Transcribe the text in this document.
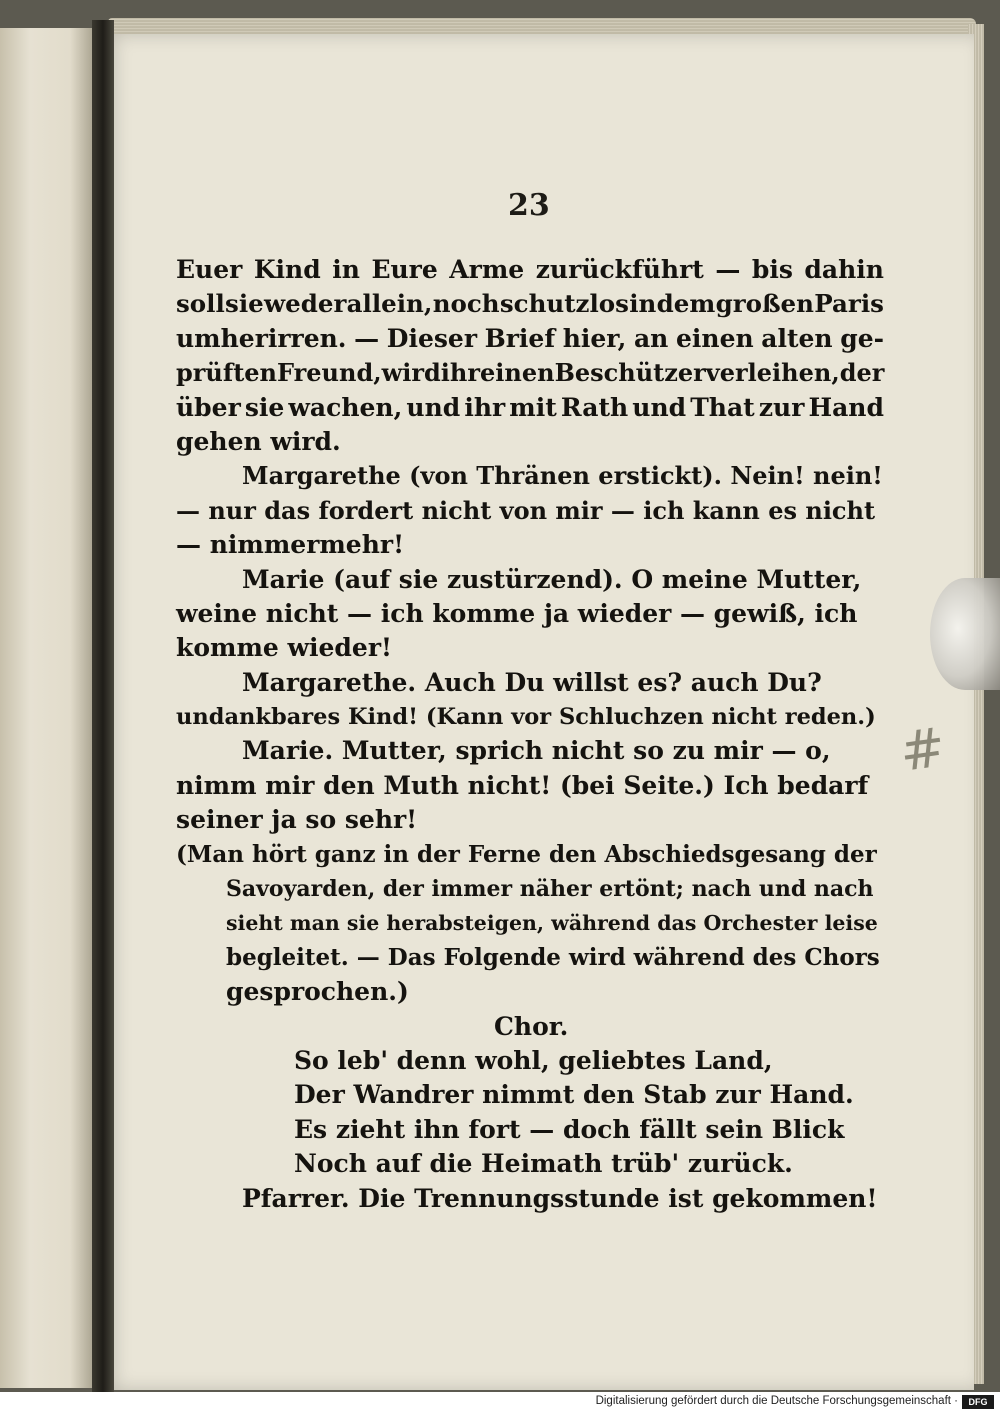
#
23
Euer Kind in Eure Arme zurückführt — bis dahin
soll sie weder allein, noch schutzlos in dem großen Paris
umherirren. — Dieser Brief hier, an einen alten ge-
prüften Freund, wird ihr einen Beschützer verleihen, der
über sie wachen, und ihr mit Rath und That zur Hand
gehen wird.
Margarethe (von Thränen erstickt). Nein! nein!
— nur das fordert nicht von mir — ich kann es nicht
— nimmermehr!
Marie (auf sie zustürzend). O meine Mutter,
weine nicht — ich komme ja wieder — gewiß, ich
komme wieder!
Margarethe. Auch Du willst es? auch Du?
undankbares Kind! (Kann vor Schluchzen nicht reden.)
Marie. Mutter, sprich nicht so zu mir — o,
nimm mir den Muth nicht! (bei Seite.) Ich bedarf
seiner ja so sehr!
(Man hört ganz in der Ferne den Abschiedsgesang der
Savoyarden, der immer näher ertönt; nach und nach
sieht man sie herabsteigen, während das Orchester leise
begleitet. — Das Folgende wird während des Chors
gesprochen.)
Chor.
So leb' denn wohl, geliebtes Land,
Der Wandrer nimmt den Stab zur Hand.
Es zieht ihn fort — doch fällt sein Blick
Noch auf die Heimath trüb' zurück.
Pfarrer. Die Trennungsstunde ist gekommen!
Digitalisierung gefördert durch die Deutsche Forschungsgemeinschaft ·	DFG
